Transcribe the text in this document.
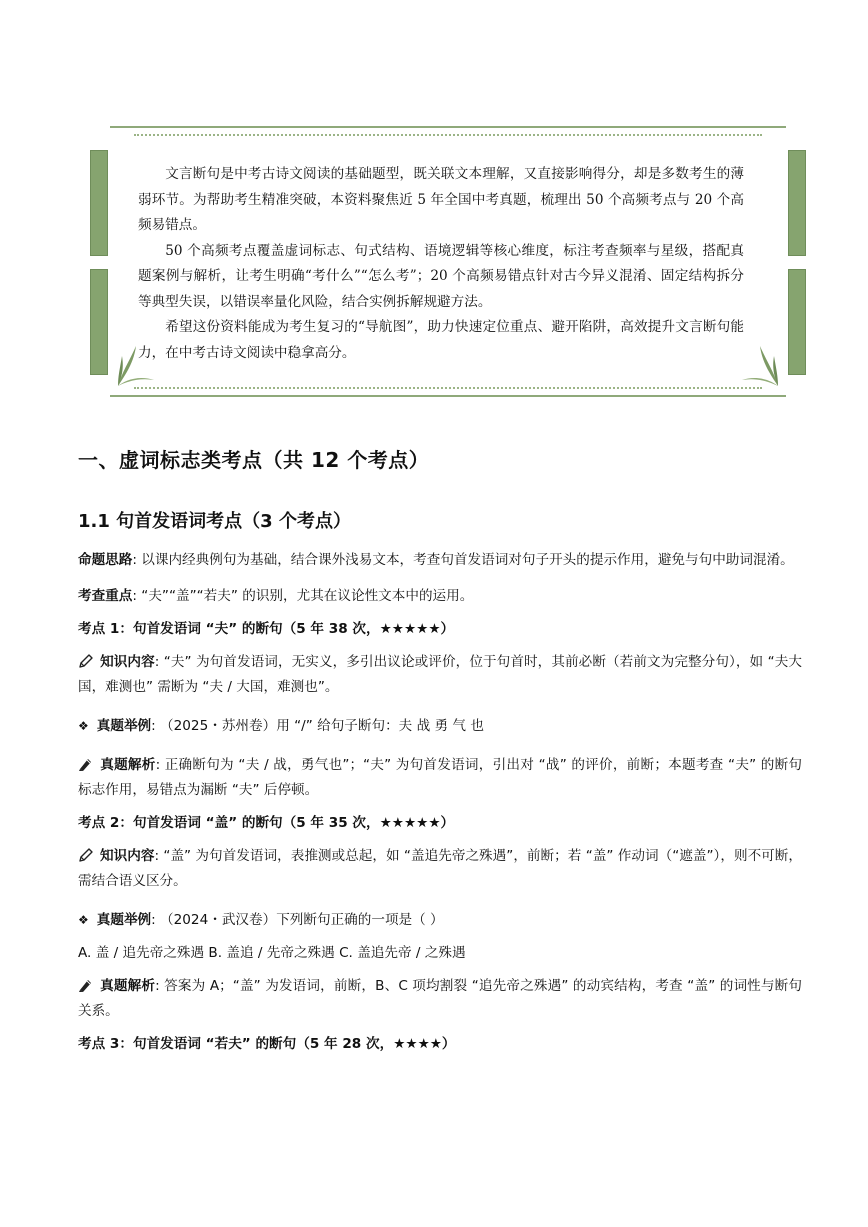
文言断句是中考古诗文阅读的基础题型，既关联文本理解，又直接影响得分，却是多数考生的薄弱环节。为帮助考生精准突破，本资料聚焦近 5 年全国中考真题，梳理出 50 个高频考点与 20 个高频易错点。

50 个高频考点覆盖虚词标志、句式结构、语境逻辑等核心维度，标注考查频率与星级，搭配真题案例与解析，让考生明确“考什么”“怎么考”；20 个高频易错点针对古今异义混淆、固定结构拆分等典型失误，以错误率量化风险，结合实例拆解规避方法。

希望这份资料能成为考生复习的“导航图”，助力快速定位重点、避开陷阱，高效提升文言断句能力，在中考古诗文阅读中稳拿高分。

一、虚词标志类考点（共 12 个考点）
1.1 句首发语词考点（3 个考点）

命题思路: 以课内经典例句为基础，结合课外浅易文本，考查句首发语词对句子开头的提示作用，避免与句中助词混淆。

考查重点: “夫”“盖”“若夫” 的识别，尤其在议论性文本中的运用。

考点 1：句首发语词 “夫” 的断句（5 年 38 次，★★★★★）

知识内容: “夫” 为句首发语词，无实义，多引出议论或评价，位于句首时，其前必断（若前文为完整分句），如 “夫大国，难测也” 需断为 “夫 / 大国，难测也”。

❖ 真题举例: （2025・苏州卷）用 “/” 给句子断句：夫 战 勇 气 也

真题解析: 正确断句为 “夫 / 战，勇气也”；“夫” 为句首发语词，引出对 “战” 的评价，前断；本题考查 “夫” 的断句标志作用，易错点为漏断 “夫” 后停顿。

考点 2：句首发语词 “盖” 的断句（5 年 35 次，★★★★★）

知识内容: “盖” 为句首发语词，表推测或总起，如 “盖追先帝之殊遇”，前断；若 “盖” 作动词（“遮盖”），则不可断，需结合语义区分。

❖ 真题举例: （2024・武汉卷）下列断句正确的一项是（ ）

A. 盖 / 追先帝之殊遇 B. 盖追 / 先帝之殊遇 C. 盖追先帝 / 之殊遇

真题解析: 答案为 A；“盖” 为发语词，前断，B、C 项均割裂 “追先帝之殊遇” 的动宾结构，考查 “盖” 的词性与断句关系。

考点 3：句首发语词 “若夫” 的断句（5 年 28 次，★★★★）
